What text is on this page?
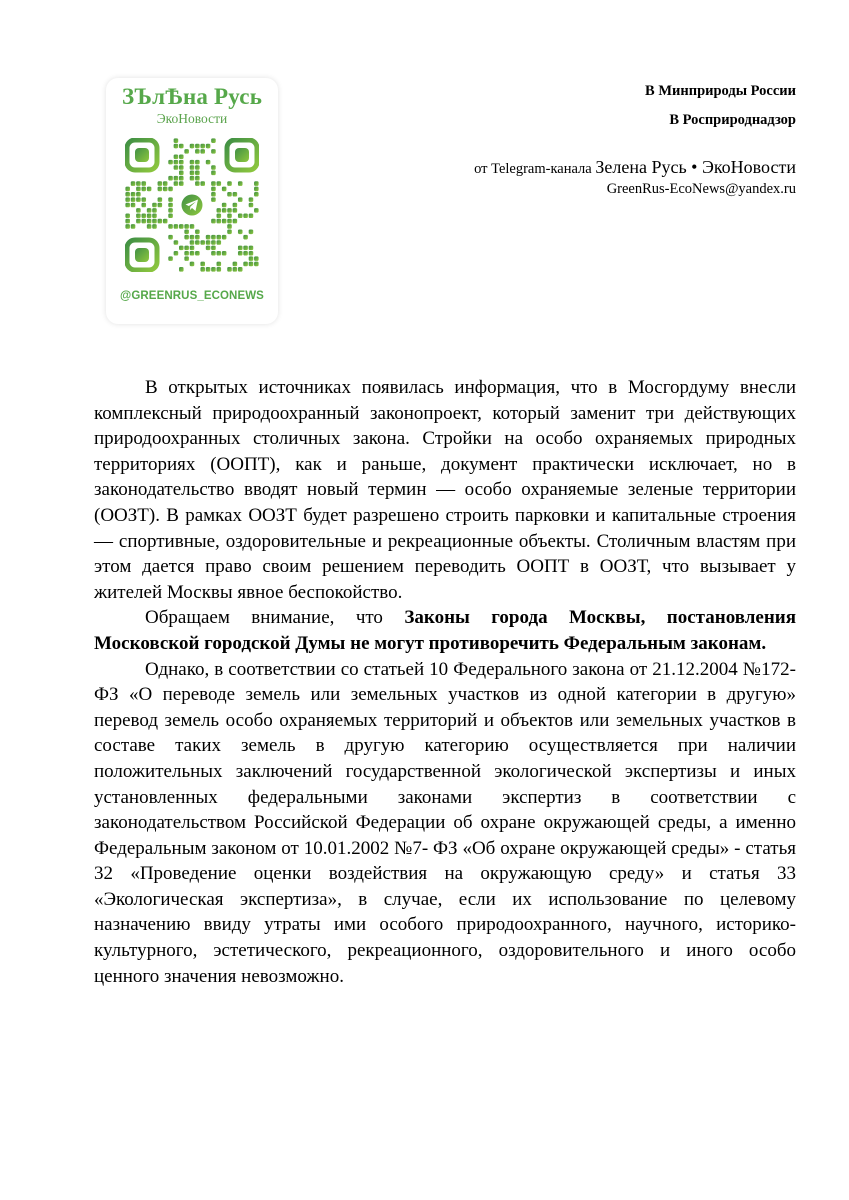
ЗЪлѢна Русь
ЭкоНовости
@GREENRUS_ECONEWS
В Минприроды России
В Росприроднадзор
от Telegram-канала Зелена Русь • ЭкоНовости
GreenRus-EcoNews@yandex.ru

В открытых источниках появилась информация, что в Мосгордуму внесли комплексный природоохранный законопроект, который заменит три действующих природоохранных столичных закона. Стройки на особо охраняемых природных территориях (ООПТ), как и раньше, документ практически исключает, но в законодательство вводят новый термин — особо охраняемые зеленые территории (ООЗТ). В рамках ООЗТ будет разрешено строить парковки и капитальные строения — спортивные, оздоровительные и рекреационные объекты. Столичным властям при этом дается право своим решением переводить ООПТ в ООЗТ, что вызывает у жителей Москвы явное беспокойство.

Обращаем внимание, что Законы города Москвы, постановления Московской городской Думы не могут противоречить Федеральным законам.

Однако, в соответствии со статьей 10 Федерального закона от 21.12.2004 №172-ФЗ «О переводе земель или земельных участков из одной категории в другую» перевод земель особо охраняемых территорий и объектов или земельных участков в составе таких земель в другую категорию осуществляется при наличии положительных заключений государственной экологической экспертизы и иных установленных федеральными законами экспертиз в соответствии с законодательством Российской Федерации об охране окружающей среды, а именно Федеральным законом от 10.01.2002 №7- ФЗ «Об охране окружающей среды» - статья 32 «Проведение оценки воздействия на окружающую среду» и статья 33 «Экологическая экспертиза», в случае, если их использование по целевому назначению ввиду утраты ими особого природоохранного, научного, историко-культурного, эстетического, рекреационного, оздоровительного и иного особо ценного значения невозможно.
